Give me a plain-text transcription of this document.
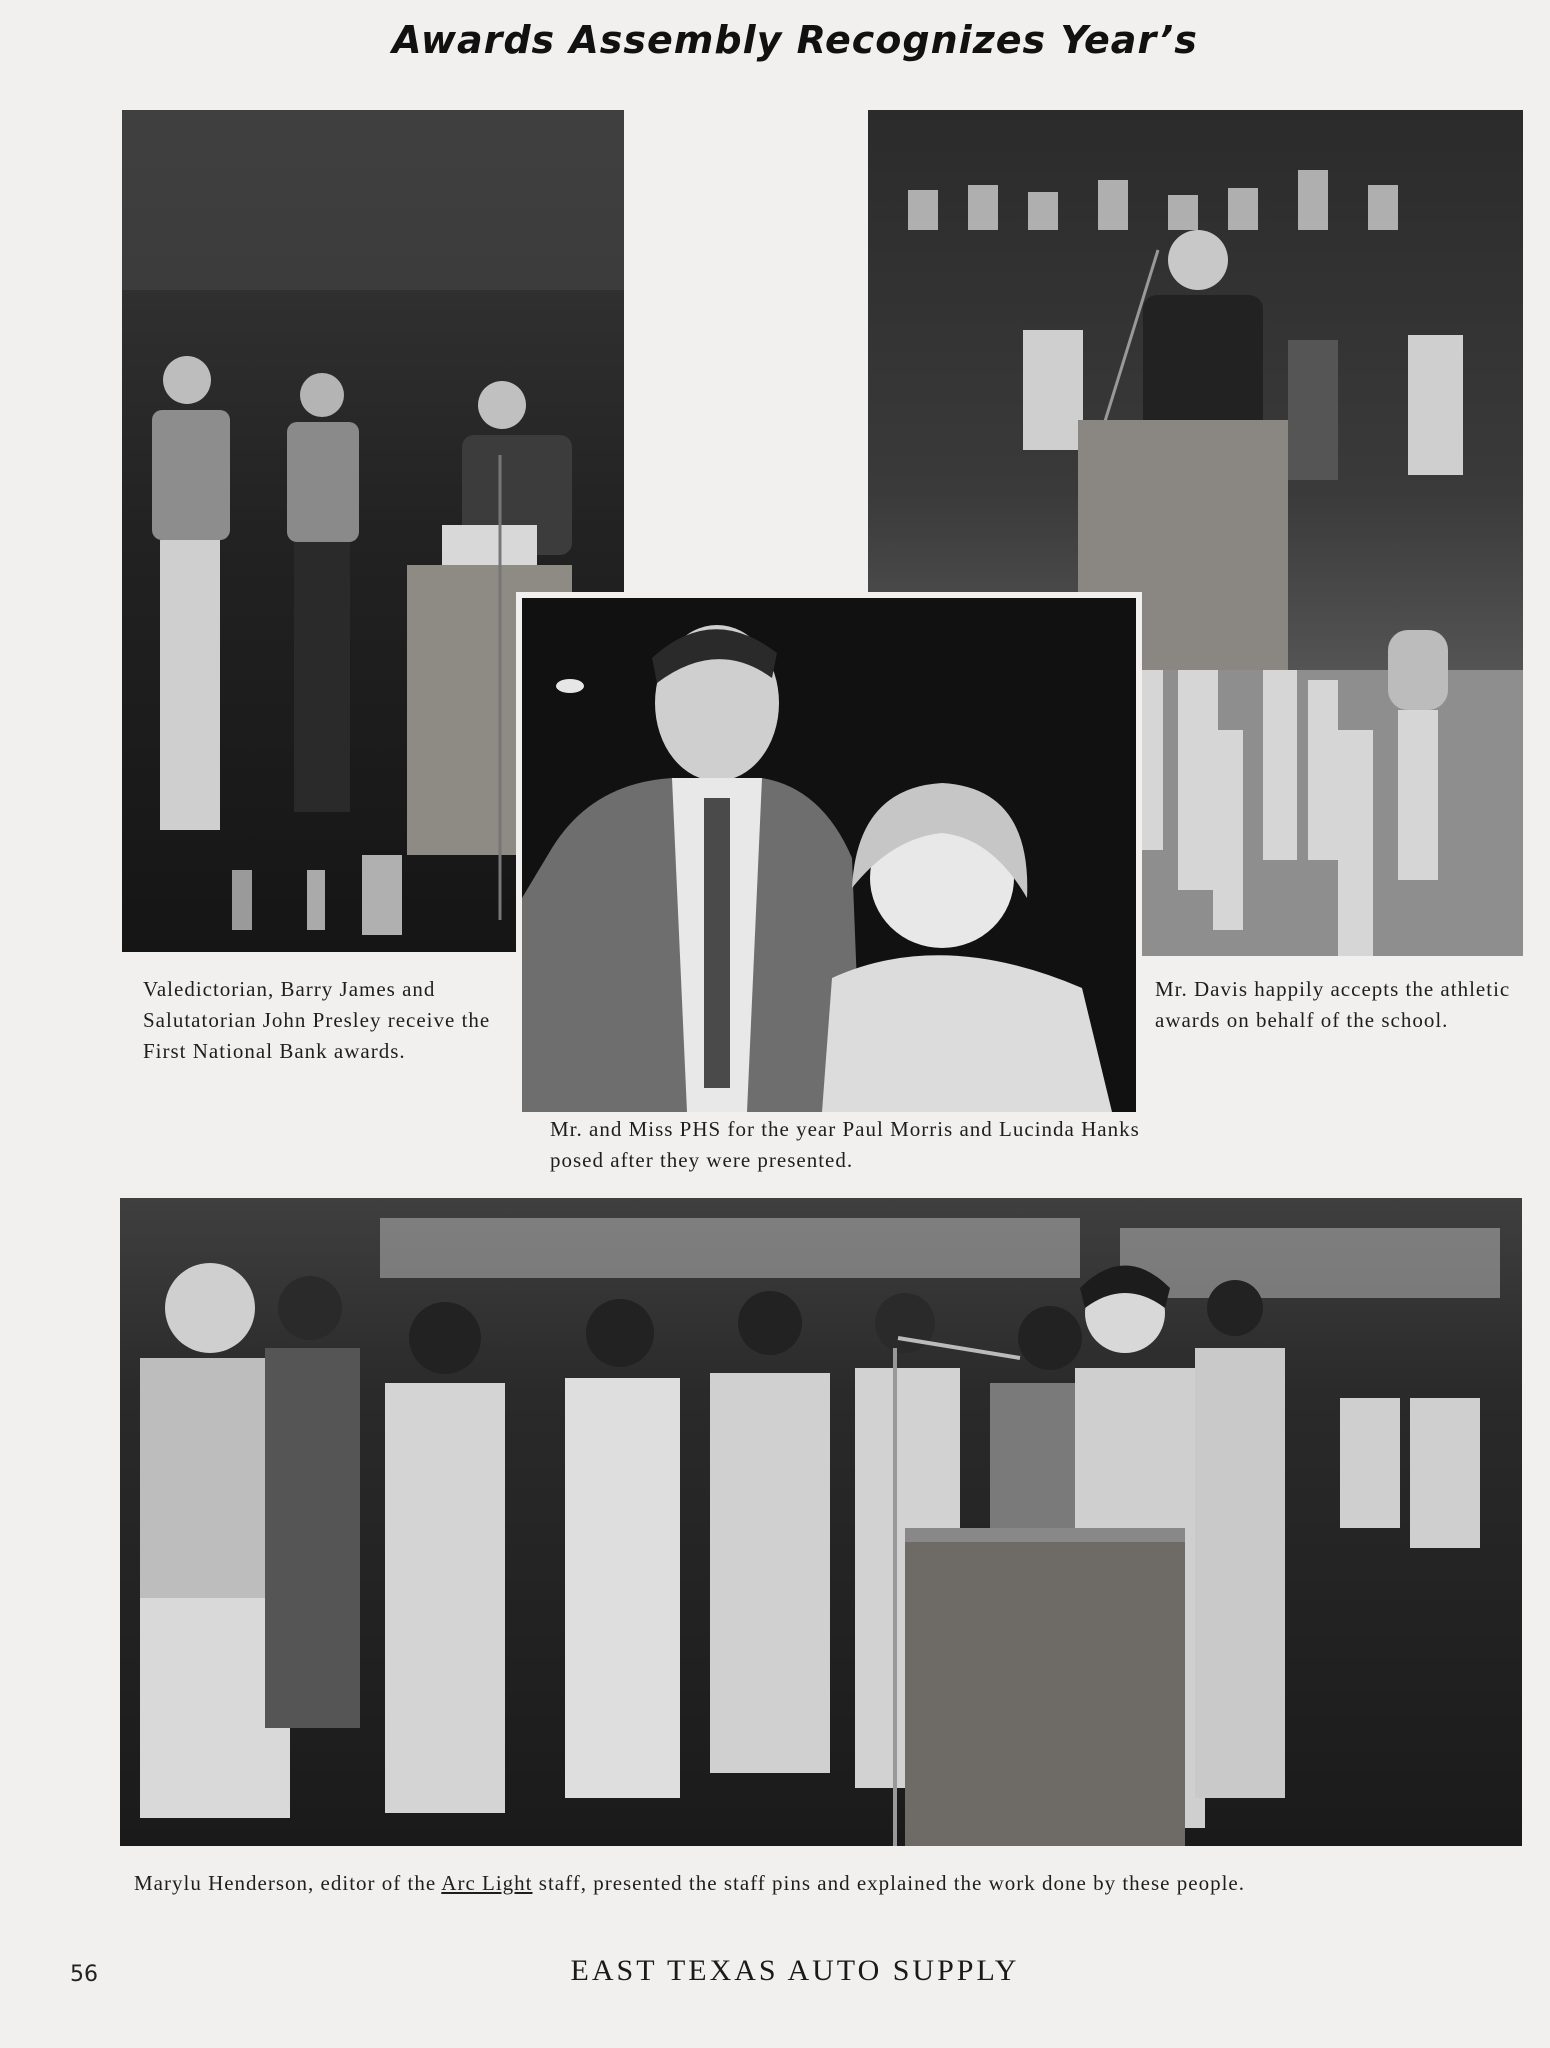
Awards Assembly Recognizes Year’s
Valedictorian, Barry James and Salutatorian John Presley receive the First National Bank awards.
Mr. Davis happily accepts the athletic awards on behalf of the school.
Mr. and Miss PHS for the year Paul Morris and Lucinda Hanks posed after they were presented.
Marylu Henderson, editor of the Arc Light staff, presented the staff pins and explained the work done by these people.
56	EAST TEXAS AUTO SUPPLY
